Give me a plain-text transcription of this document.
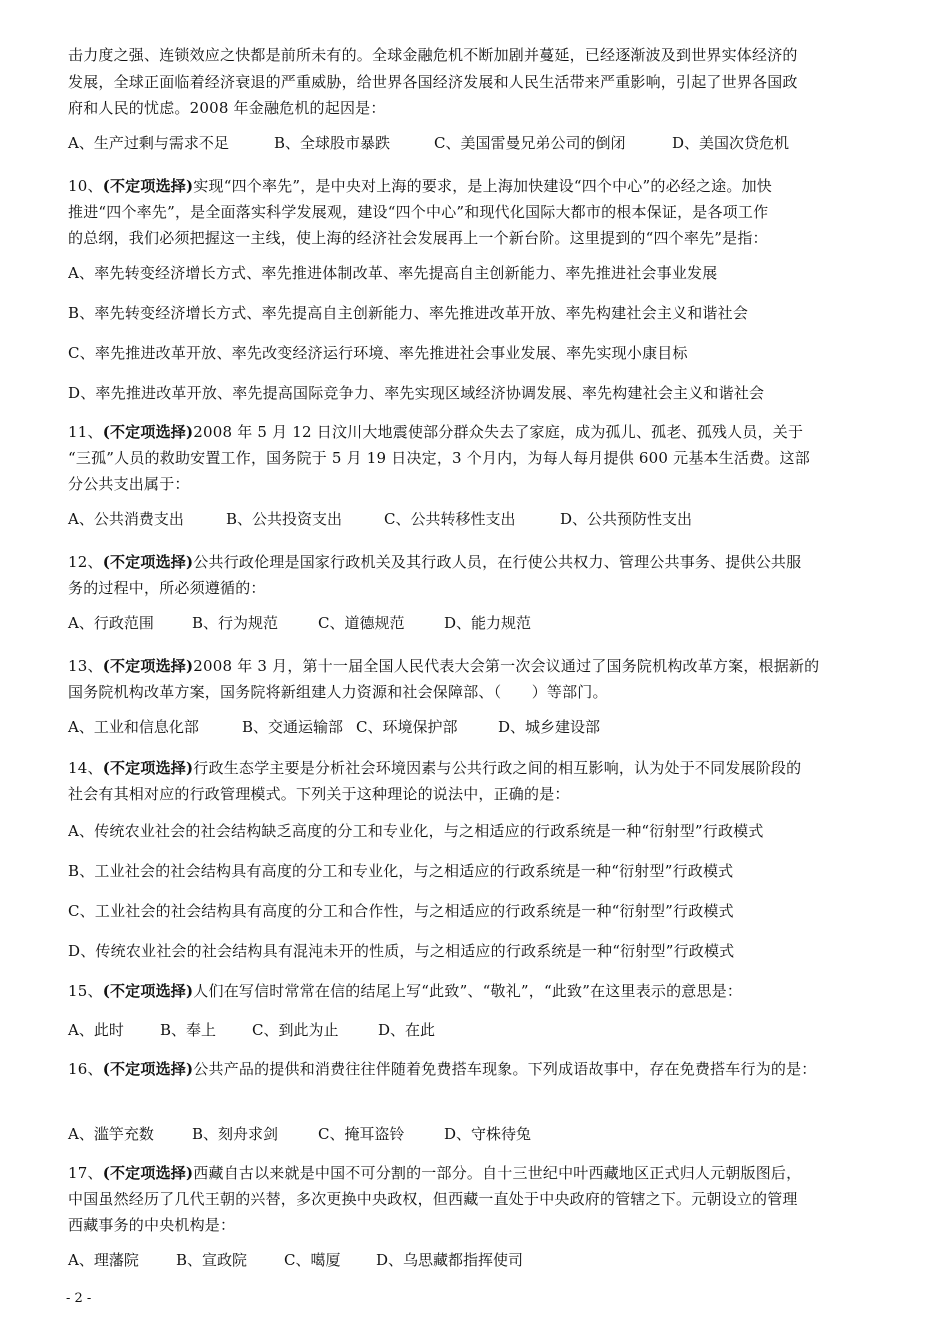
击力度之强、连锁效应之快都是前所未有的。全球金融危机不断加剧并蔓延，已经逐渐波及到世界实体经济的
发展，全球正面临着经济衰退的严重威胁，给世界各国经济发展和人民生活带来严重影响，引起了世界各国政
府和人民的忧虑。2008 年金融危机的起因是：
A、生产过剩与需求不足	B、全球股市暴跌	C、美国雷曼兄弟公司的倒闭	D、美国次贷危机
10、(不定项选择)实现“四个率先”，是中央对上海的要求，是上海加快建设“四个中心”的必经之途。加快
推进“四个率先”，是全面落实科学发展观，建设“四个中心”和现代化国际大都市的根本保证，是各项工作
的总纲，我们必须把握这一主线，使上海的经济社会发展再上一个新台阶。这里提到的“四个率先”是指：
A、率先转变经济增长方式、率先推进体制改革、率先提高自主创新能力、率先推进社会事业发展
B、率先转变经济增长方式、率先提高自主创新能力、率先推进改革开放、率先构建社会主义和谐社会
C、率先推进改革开放、率先改变经济运行环境、率先推进社会事业发展、率先实现小康目标
D、率先推进改革开放、率先提高国际竞争力、率先实现区域经济协调发展、率先构建社会主义和谐社会
11、(不定项选择)2008 年 5 月 12 日汶川大地震使部分群众失去了家庭，成为孤儿、孤老、孤残人员，关于
“三孤”人员的救助安置工作，国务院于 5 月 19 日决定，3 个月内，为每人每月提供 600 元基本生活费。这部
分公共支出属于：
A、公共消费支出	B、公共投资支出	C、公共转移性支出	D、公共预防性支出
12、(不定项选择)公共行政伦理是国家行政机关及其行政人员，在行使公共权力、管理公共事务、提供公共服
务的过程中，所必须遵循的：
A、行政范围	B、行为规范	C、道德规范	D、能力规范
13、(不定项选择)2008 年 3 月，第十一届全国人民代表大会第一次会议通过了国务院机构改革方案，根据新的
国务院机构改革方案，国务院将新组建人力资源和社会保障部、（　　）等部门。
A、工业和信息化部	B、交通运输部 C、环境保护部	D、城乡建设部
14、(不定项选择)行政生态学主要是分析社会环境因素与公共行政之间的相互影响，认为处于不同发展阶段的
社会有其相对应的行政管理模式。下列关于这种理论的说法中，正确的是：
A、传统农业社会的社会结构缺乏高度的分工和专业化，与之相适应的行政系统是一种“衍射型”行政模式
B、工业社会的社会结构具有高度的分工和专业化，与之相适应的行政系统是一种“衍射型”行政模式
C、工业社会的社会结构具有高度的分工和合作性，与之相适应的行政系统是一种“衍射型”行政模式
D、传统农业社会的社会结构具有混沌未开的性质，与之相适应的行政系统是一种“衍射型”行政模式
15、(不定项选择)人们在写信时常常在信的结尾上写“此致”、“敬礼”，“此致”在这里表示的意思是：
A、此时 B、奉上 C、到此为止	D、在此
16、(不定项选择)公共产品的提供和消费往往伴随着免费搭车现象。下列成语故事中，存在免费搭车行为的是：
A、滥竽充数	B、刻舟求剑	C、掩耳盗铃	D、守株待兔
17、(不定项选择)西藏自古以来就是中国不可分割的一部分。自十三世纪中叶西藏地区正式归人元朝版图后，
中国虽然经历了几代王朝的兴替，多次更换中央政权，但西藏一直处于中央政府的管辖之下。元朝设立的管理
西藏事务的中央机构是：
A、理藩院 B、宣政院 C、噶厦 D、乌思藏都指挥使司
- 2 -
